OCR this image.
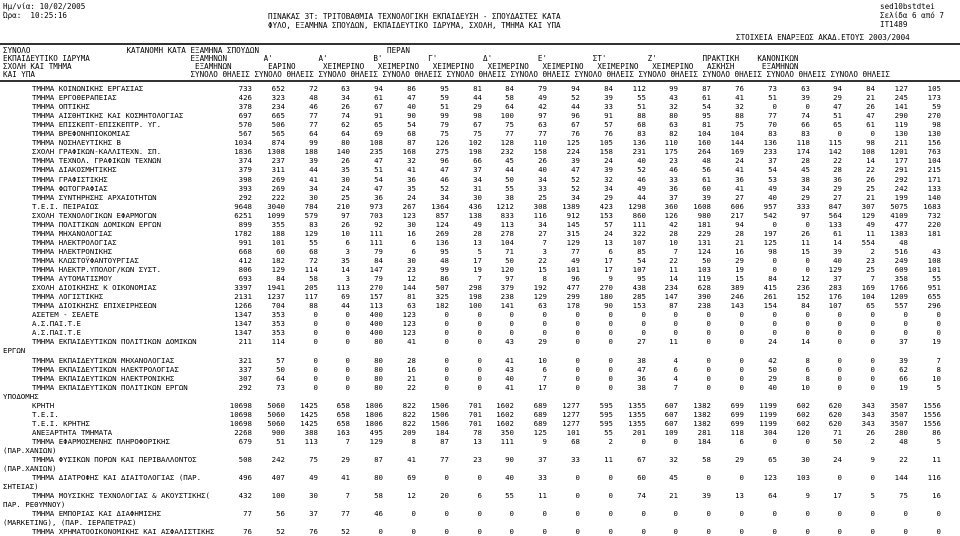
Ημ/νία: 10/02/2005
Ώρα:  10:25:16	ΠΙΝΑΚΑΣ 3Τ: ΤΡΙΤΟΒΑΘΜΙΑ ΤΕΧΝΟΛΟΓΙΚΗ ΕΚΠΑΙΔΕΥΣΗ - ΣΠΟΥΔΑΣΤΕΣ ΚΑΤΑ
ΦΥΛΟ, ΕΞΑΜΗΝΑ ΣΠΟΥΔΩΝ, ΕΚΠΑΙΔΕΥΤΙΚΟ ΙΔΡΥΜΑ, ΣΧΟΛΗ, ΤΜΗΜΑ ΚΑΙ ΥΠΑ
sed10bstdtei
Σελίδα 6 από 7
IT1489
ΣΤΟΙΧΕΙΑ ΕΝΑΡΞΕΩΣ ΑΚΑΔ.ΕΤΟΥΣ 2003/2004
ΣΥΝΟΛΟ                     ΚΑΤΑΝΟΜΗ ΚΑΤΑ ΕΞΑΜΗΝΑ ΣΠΟΥΔΩΝ                            ΠΕΡΑΝ
ΕΚΠΑΙΔΕΥΤΙΚΟ ΙΔΡΥΜΑ                      ΕΞΑΜΗΝΩΝ        Α'          Α'          Β'          Γ'          Δ'          Ε'          ΣΤ'         Ζ'          ΠΡΑΚΤΙΚΗ    ΚΑΝΟΝΙΚΩΝ
ΣΧΟΛΗ ΚΑΙ ΤΜΗΜΑ                           ΕΞΑΜΗΝΩΝ        ΕΑΡΙΝΟ      ΧΕΙΜΕΡΙΝΟ   ΧΕΙΜΕΡΙΝΟ   ΧΕΙΜΕΡΙΝΟ   ΧΕΙΜΕΡΙΝΟ   ΧΕΙΜΕΡΙΝΟ   ΧΕΙΜΕΡΙΝΟ   ΧΕΙΜΕΡΙΝΟ   ΑΣΚΗΣΗ      ΕΞΑΜΗΝΩΝ
ΚΑΙ ΥΠΑ                                  ΣΥΝΟΛΟ ΘΗΛΕΙΣ ΣΥΝΟΛΟ ΘΗΛΕΙΣ ΣΥΝΟΛΟ ΘΗΛΕΙΣ ΣΥΝΟΛΟ ΘΗΛΕΙΣ ΣΥΝΟΛΟ ΘΗΛΕΙΣ ΣΥΝΟΛΟ ΘΗΛΕΙΣ ΣΥΝΟΛΟ ΘΗΛΕΙΣ ΣΥΝΟΛΟ ΘΗΛΕΙΣ ΣΥΝΟΛΟ ΘΗΛΕΙΣ ΣΥΝΟΛΟ ΘΗΛΕΙΣ ΣΥΝΟΛΟ ΘΗΛΕΙΣ
ΤΜΗΜΑ ΚΟΙΝΩΝΙΚΗΣ ΕΡΓΑΣΙΑΣ	733	652	72	63	94	86	95	81	84	79	94	84	112	99	87	76	73	63	94	84	127	105
ΤΜΗΜΑ ΕΡΓΟΘΕΡΑΠΕΙΑΣ	426	323	48	34	61	47	59	44	58	49	52	39	55	43	61	41	51	39	29	21	245	173
ΤΜΗΜΑ ΟΠΤΙΚΗΣ	378	234	46	26	67	40	51	29	64	42	44	33	51	32	54	32	0	0	47	26	141	59
ΤΜΗΜΑ ΑΙΣΘΗΤΙΚΗΣ ΚΑΙ ΚΟΣΜΗΤΟΛΟΓΙΑΣ	697	665	77	74	91	90	99	98	100	97	96	91	88	80	95	88	77	74	51	47	290	270
ΤΜΗΜΑ ΕΠΙΣΚΕΠΤ-ΕΠΙΣΚΕΠΤΡ. ΥΓ.	570	506	77	62	65	54	79	67	75	63	67	57	68	63	81	75	70	66	65	61	119	98
ΤΜΗΜΑ ΒΡΕΦΟΝΗΠΙΟΚΟΜΙΑΣ	567	565	64	64	69	68	75	75	77	77	76	76	83	82	104	104	83	83	0	0	130	130
ΤΜΗΜΑ ΝΟΣΗΛΕΥΤΙΚΗΣ Β	1034	874	99	80	108	87	126	102	128	110	125	105	136	110	160	144	136	118	115	98	211	156
ΣΧΟΛΗ ΓΡΑΦΙΚΩΝ-ΚΑΛΛΙΤΕΧΝ. ΣΠ.	1836	1308	188	140	235	168	275	198	232	158	224	158	231	175	264	169	233	174	142	108	1201	763
ΤΜΗΜΑ ΤΕΧΝΟΛ. ΓΡΑΦΙΚΩΝ ΤΕΧΝΩΝ	374	237	39	26	47	32	96	66	45	26	39	24	40	23	48	24	37	28	22	14	177	104
ΤΜΗΜΑ ΔΙΑΚΟΣΜΗΤΙΚΗΣ	379	311	44	35	51	41	47	37	44	40	47	39	52	46	56	41	54	45	28	22	291	215
ΤΜΗΜΑ ΓΡΑΦΙΣΤΙΚΗΣ	398	269	41	30	54	36	46	34	50	34	52	32	46	33	61	36	53	38	36	26	292	171
ΤΜΗΜΑ ΦΩΤΟΓΡΑΦΙΑΣ	393	269	34	24	47	35	52	31	55	33	52	34	49	36	60	41	49	34	29	25	242	133
ΤΜΗΜΑ ΣΥΝΤΗΡΗΣΗΣ ΑΡΧΑΙΟΤΗΤΩΝ	292	222	30	25	36	24	34	30	38	25	34	29	44	37	39	27	40	29	27	21	199	140
Τ.Ε.Ι. ΠΕΙΡΑΙΩΣ	9648	3040	784	210	973	267	1364	436	1212	308	1389	423	1298	360	1608	606	957	333	847	307	5075	1683
ΣΧΟΛΗ ΤΕΧΝΟΛΟΓΙΚΩΝ ΕΦΑΡΜΟΓΩΝ	6251	1099	579	97	703	123	857	138	833	116	912	153	860	126	980	217	542	97	564	129	4109	732
ΤΜΗΜΑ ΠΟΛΙΤΙΚΩΝ ΔΟΜΙΚΩΝ ΕΡΓΩΝ	899	355	83	26	92	30	124	49	113	34	145	57	111	42	181	94	0	0	133	49	477	220
ΤΜΗΜΑ ΜΗΧΑΝΟΛΟΓΙΑΣ	1782	188	129	10	111	16	269	28	278	27	315	24	322	28	229	28	197	26	61	11	1383	181
ΤΜΗΜΑ ΗΛΕΚΤΡΟΛΟΓΙΑΣ	991	101	55	6	111	6	136	13	104	7	129	13	107	10	131	21	125	11	14	554	48
ΤΜΗΜΑ ΗΛΕΚΤΡΟΝΙΚΗΣ	668	60	68	3	79	6	95	5	71	3	77	6	85	7	124	16	98	15	39	2	516	43
ΤΜΗΜΑ ΚΛΩΣΤΟΫΦΑΝΤΟΥΡΓΙΑΣ	412	182	72	35	84	30	48	17	50	22	49	17	54	22	50	29	0	0	40	23	249	108
ΤΜΗΜΑ ΗΛΕΚΤΡ.ΥΠΟΛΟΓ/ΚΩΝ ΣΥΣΤ.	806	129	114	14	147	23	99	19	120	15	101	17	107	11	103	19	0	0	129	25	609	101
ΤΜΗΜΑ ΑΥΤΟΜΑΤΙΣΜΟΥ	693	84	58	3	79	12	86	7	97	8	96	9	95	14	119	15	84	12	37	7	358	55
ΣΧΟΛΗ ΔΙΟΙΚΗΣΗΣ Κ ΟΙΚΟΝΟΜΙΑΣ	3397	1941	205	113	270	144	507	298	379	192	477	270	438	234	628	389	415	236	283	169	1766	951
ΤΜΗΜΑ ΛΟΓΙΣΤΙΚΗΣ	2131	1237	117	69	157	81	325	198	238	129	299	180	285	147	390	246	261	152	176	104	1209	655
ΤΜΗΜΑ ΔΙΟΙΚΗΣΗΣ ΕΠΙΧΕΙΡΗΣΕΩΝ	1266	704	88	44	113	63	182	100	141	63	178	90	153	87	238	143	154	84	107	65	557	296
ΑΣΕΤΕΜ - ΣΕΛΕΤΕ	1347	353	0	0	400	123	0	0	0	0	0	0	0	0	0	0	0	0	0	0	0	0
Α.Σ.ΠΑΙ.Τ.Ε	1347	353	0	0	400	123	0	0	0	0	0	0	0	0	0	0	0	0	0	0	0	0
Α.Σ.ΠΑΙ.Τ.Ε	1347	353	0	0	400	123	0	0	0	0	0	0	0	0	0	0	0	0	0	0	0	0
ΤΜΗΜΑ ΕΚΠΑΙΔΕΥΤΙΚΩΝ ΠΟΛΙΤΙΚΩΝ ΔΟΜΙΚΩΝ	211	114	0	0	80	41	0	0	43	29	0	0	27	11	0	0	24	14	0	0	37	19
ΕΡΓΩΝ
ΤΜΗΜΑ ΕΚΠΑΙΔΕΥΤΙΚΩΝ ΜΗΧΑΝΟΛΟΓΙΑΣ	321	57	0	0	80	28	0	0	41	10	0	0	38	4	0	0	42	8	0	0	39	7
ΤΜΗΜΑ ΕΚΠΑΙΔΕΥΤΙΚΩΝ ΗΛΕΚΤΡΟΛΟΓΙΑΣ	337	50	0	0	80	16	0	0	43	6	0	0	47	6	0	0	50	6	0	0	62	8
ΤΜΗΜΑ ΕΚΠΑΙΔΕΥΤΙΚΩΝ ΗΛΕΚΤΡΟΝΙΚΗΣ	307	64	0	0	80	21	0	0	40	7	0	0	36	4	0	0	29	8	0	0	66	10
ΤΜΗΜΑ ΕΚΠΑΙΔΕΥΤΙΚΩΝ ΠΟΛΙΤΙΚΩΝ ΕΡΓΩΝ	292	73	0	0	80	22	0	0	41	17	0	0	38	7	0	0	40	10	0	0	19	5
ΥΠΟΔΟΜΗΣ
ΚΡΗΤΗ	10698	5060	1425	658	1806	822	1506	701	1602	689	1277	595	1355	607	1382	699	1199	602	620	343	3507	1556
Τ.Ε.Ι.	10698	5060	1425	658	1806	822	1506	701	1602	689	1277	595	1355	607	1382	699	1199	602	620	343	3507	1556
Τ.Ε.Ι. ΚΡΗΤΗΣ	10698	5060	1425	658	1806	822	1506	701	1602	689	1277	595	1355	607	1382	699	1199	602	620	343	3507	1556
ΑΝΕΞΑΡΤΗΤΑ ΤΜΗΜΑΤΑ	2268	900	388	163	495	209	184	78	350	125	101	55	201	109	281	118	304	120	71	26	280	86
ΤΜΗΜΑ ΕΦΑΡΜΟΣΜΕΝΗΣ ΠΛΗΡΟΦΟΡΙΚΗΣ	679	51	113	7	129	8	87	13	111	9	68	2	0	0	184	6	0	0	50	2	48	5
(ΠΑΡ.ΧΑΝΙΩΝ)
ΤΜΗΜΑ ΦΥΣΙΚΩΝ ΠΟΡΩΝ ΚΑΙ ΠΕΡΙΒΑΛΛΟΝΤΟΣ	508	242	75	29	87	41	77	23	90	37	33	11	67	32	58	29	65	30	24	9	22	11
(ΠΑΡ.ΧΑΝΙΩΝ)
ΤΜΗΜΑ ΔΙΑΤΡΟΦΗΣ ΚΑΙ ΔΙΑΙΤΟΛΟΓΙΑΣ (ΠΑΡ.	496	407	49	41	80	69	0	0	40	33	0	0	60	45	0	0	123	103	0	0	144	116
ΣΗΤΕΙΑΣ)
ΤΜΗΜΑ ΜΟΥΣΙΚΗΣ ΤΕΧΝΟΛΟΓΙΑΣ & ΑΚΟΥΣΤΙΚΗΣ(	432	100	30	7	58	12	20	6	55	11	0	0	74	21	39	13	64	9	17	5	75	16
ΠΑΡ. ΡΕΘΥΜΝΟΥ)
ΤΜΗΜΑ ΕΜΠΟΡΙΑΣ ΚΑΙ ΔΙΑΦΗΜΙΣΗΣ	77	56	37	77	46	0	0	0	0	0	0	0	0	0	0	0	0	0	0	0	0	0
(MARKETING), (ΠΑΡ. ΙΕΡΑΠΕΤΡΑΣ)
ΤΜΗΜΑ ΧΡΗΜΑΤΟΟΙΚΟΝΟΜΙΚΗΣ ΚΑΙ ΑΣΦΑΛΙΣΤΙΚΗΣ	76	52	76	52	0	0	0	0	0	0	0	0	0	0	0	0	0	0	0	0	0	0
